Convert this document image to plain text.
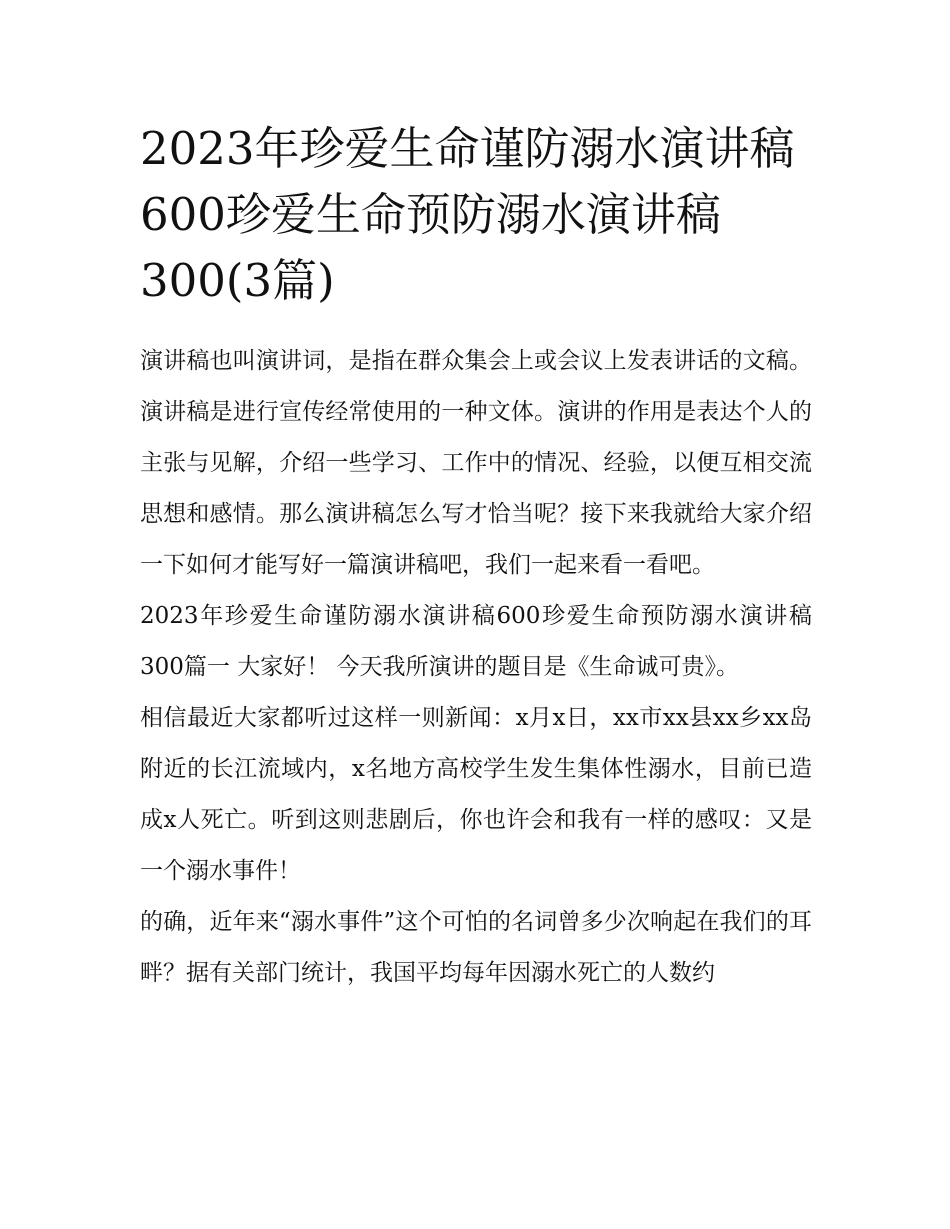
2023年珍爱生命谨防溺水演讲稿600珍爱生命预防溺水演讲稿300(3篇)

演讲稿也叫演讲词，是指在群众集会上或会议上发表讲话的文稿。演讲稿是进行宣传经常使用的一种文体。演讲的作用是表达个人的主张与见解，介绍一些学习、工作中的情况、经验，以便互相交流思想和感情。那么演讲稿怎么写才恰当呢？接下来我就给大家介绍一下如何才能写好一篇演讲稿吧，我们一起来看一看吧。

2023年珍爱生命谨防溺水演讲稿600珍爱生命预防溺水演讲稿300篇一 大家好！ 今天我所演讲的题目是《生命诚可贵》。

相信最近大家都听过这样一则新闻：x月x日，xx市xx县xx乡xx岛附近的长江流域内，x名地方高校学生发生集体性溺水，目前已造成x人死亡。听到这则悲剧后，你也许会和我有一样的感叹：又是一个溺水事件！

的确，近年来“溺水事件”这个可怕的名词曾多少次响起在我们的耳畔？据有关部门统计，我国平均每年因溺水死亡的人数约
